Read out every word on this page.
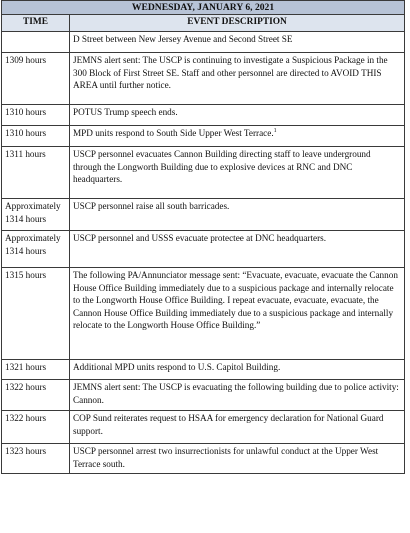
WEDNESDAY, JANUARY 6, 2021	
TIME	EVENT DESCRIPTION
	D Street between New Jersey Avenue and Second Street SE
1309 hours	JEMNS alert sent: The USCP is continuing to investigate a Suspicious Package in the 300 Block of First Street SE. Staff and other personnel are directed to AVOID THIS AREA until further notice.
1310 hours	POTUS Trump speech ends.
1310 hours	MPD units respond to South Side Upper West Terrace.$^1$
1311 hours	USCP personnel evacuates Cannon Building directing staff to leave underground through the Longworth Building due to explosive devices at RNC and DNC headquarters.
Approximately 1314 hours	USCP personnel raise all south barricades.
Approximately 1314 hours	USCP personnel and USSS evacuate protectee at DNC headquarters.
1315 hours	The following PA/Annunciator message sent: “Evacuate, evacuate, evacuate the Cannon House Office Building immediately due to a suspicious package and internally relocate to the Longworth House Office Building. I repeat evacuate, evacuate, evacuate, the Cannon House Office Building immediately due to a suspicious package and internally relocate to the Longworth House Office Building.”
1321 hours	Additional MPD units respond to U.S. Capitol Building.
1322 hours	JEMNS alert sent: The USCP is evacuating the following building due to police activity: Cannon.
1322 hours	COP Sund reiterates request to HSAA for emergency declaration for National Guard support.
1323 hours	USCP personnel arrest two insurrectionists for unlawful conduct at the Upper West Terrace south.
